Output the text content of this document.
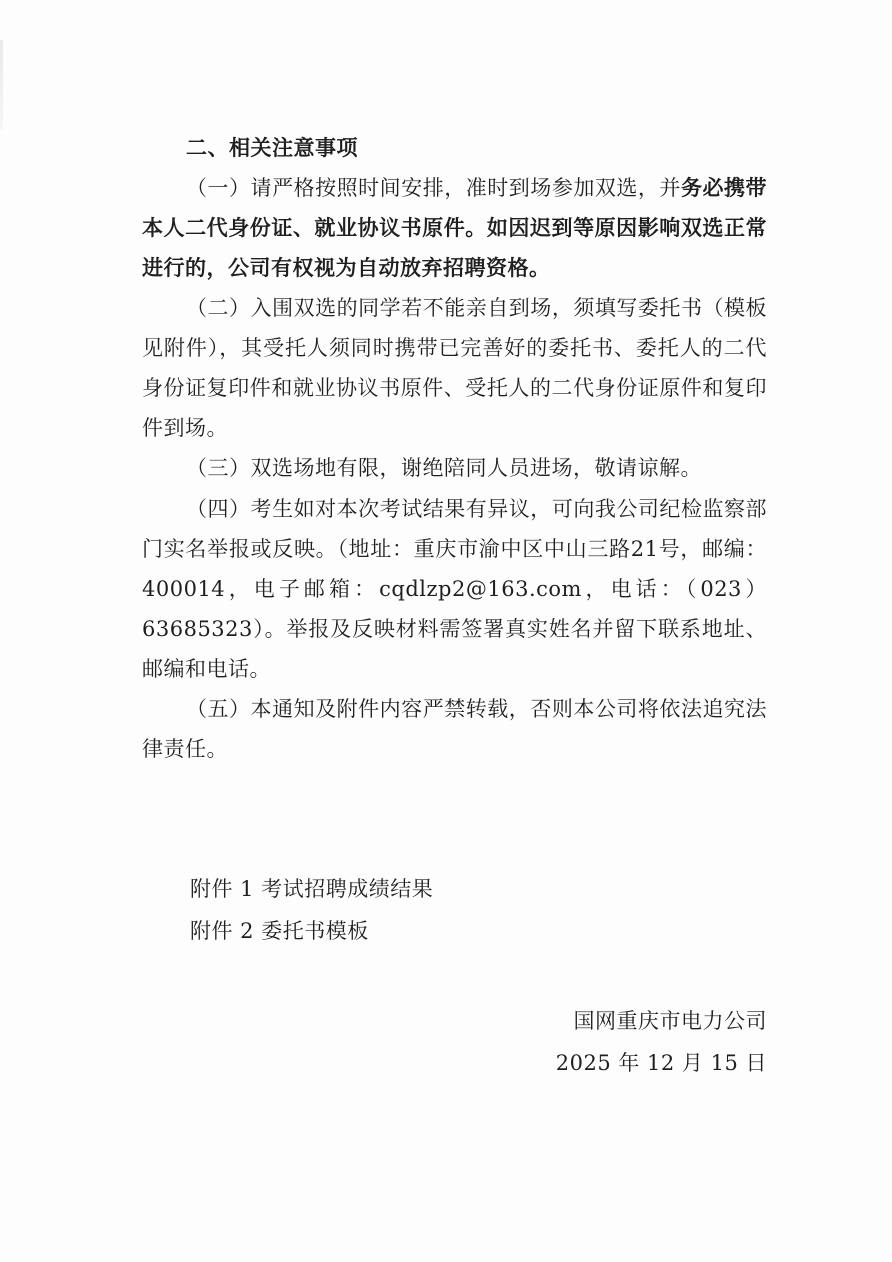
二、相关注意事项

（一）请严格按照时间安排，准时到场参加双选，并务必携带本人二代身份证、就业协议书原件。如因迟到等原因影响双选正常进行的，公司有权视为自动放弃招聘资格。

（二）入围双选的同学若不能亲自到场，须填写委托书（模板见附件），其受托人须同时携带已完善好的委托书、委托人的二代身份证复印件和就业协议书原件、受托人的二代身份证原件和复印件到场。

（三）双选场地有限，谢绝陪同人员进场，敬请谅解。

（四）考生如对本次考试结果有异议，可向我公司纪检监察部门实名举报或反映。（地址：重庆市渝中区中山三路21号，邮编：400014，电子邮箱：cqdlzp2@163.com，电话：（023）63685323）。举报及反映材料需签署真实姓名并留下联系地址、邮编和电话。

（五）本通知及附件内容严禁转载，否则本公司将依法追究法律责任。

附件 1 考试招聘成绩结果
附件 2 委托书模板
国网重庆市电力公司
2025 年 12 月 15 日
